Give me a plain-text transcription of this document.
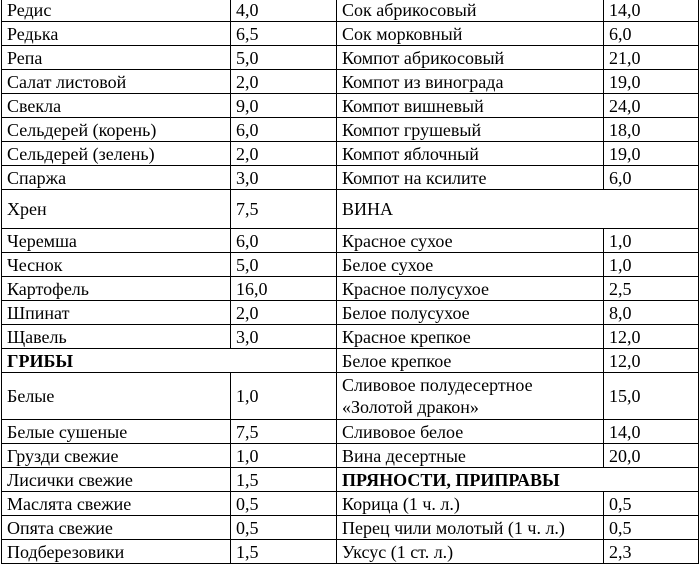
Редис	4,0	Сок абрикосовый	14,0
Редька	6,5	Сок морковный	6,0
Репа	5,0	Компот абрикосовый	21,0
Салат листовой	2,0	Компот из винограда	19,0
Свекла	9,0	Компот вишневый	24,0
Сельдерей (корень)	6,0	Компот грушевый	18,0
Сельдерей (зелень)	2,0	Компот яблочный	19,0
Спаржа	3,0	Компот на ксилите	6,0
Хрен	7,5	ВИНА	
Черемша	6,0	Красное сухое	1,0
Чеснок	5,0	Белое сухое	1,0
Картофель	16,0	Красное полусухое	2,5
Шпинат	2,0	Белое полусухое	8,0
Щавель	3,0	Красное крепкое	12,0
ГРИБЫ		Белое крепкое	12,0
Белые	1,0	Сливовое полудесертное «Золотой дракон»	15,0
Белые сушеные	7,5	Сливовое белое	14,0
Грузди свежие	1,0	Вина десертные	20,0
Лисички свежие	1,5	ПРЯНОСТИ, ПРИПРАВЫ	
Маслята свежие	0,5	Корица (1 ч. л.)	0,5
Опята свежие	0,5	Перец чили молотый (1 ч. л.)	0,5
Подберезовики	1,5	Уксус (1 ст. л.)	2,3
